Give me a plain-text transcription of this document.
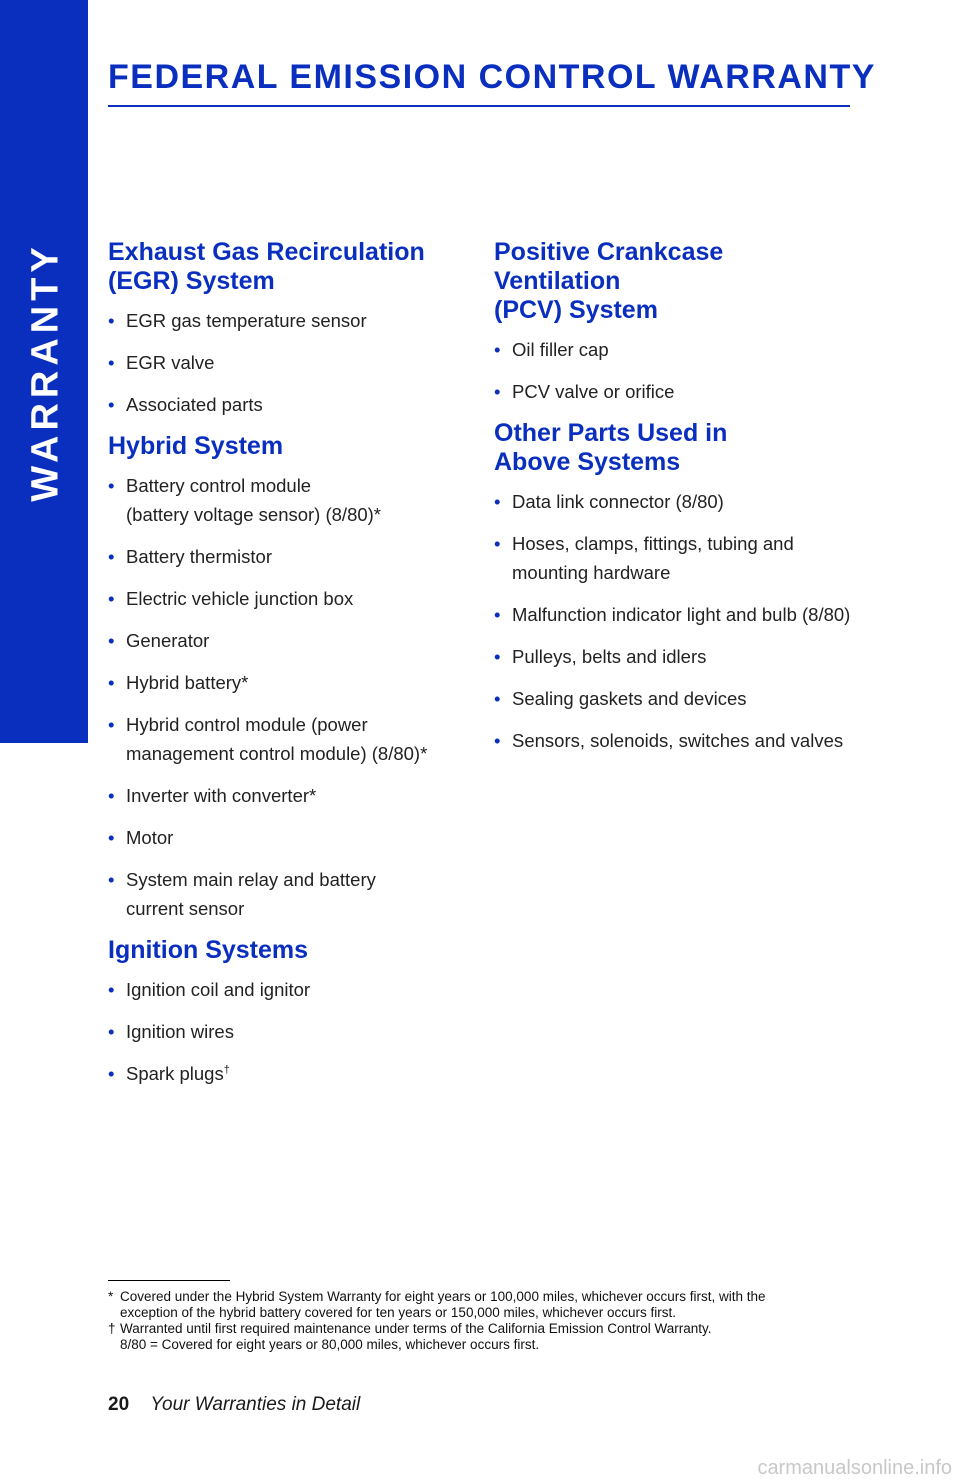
WARRANTY
FEDERAL EMISSION CONTROL WARRANTY
Exhaust Gas Recirculation
(EGR) System
• EGR gas temperature sensor
• EGR valve
• Associated parts
Hybrid System
• Battery control module
(battery voltage sensor) (8/80)*
• Battery thermistor
• Electric vehicle junction box
• Generator
• Hybrid battery*
• Hybrid control module (power
management control module) (8/80)*
• Inverter with converter*
• Motor
• System main relay and battery
current sensor
Ignition Systems
• Ignition coil and ignitor
• Ignition wires
• Spark plugs†
Positive Crankcase Ventilation
(PCV) System
• Oil filler cap
• PCV valve or orifice
Other Parts Used in
Above Systems
• Data link connector (8/80)
• Hoses, clamps, fittings, tubing and
mounting hardware
• Malfunction indicator light and bulb (8/80)
• Pulleys, belts and idlers
• Sealing gaskets and devices
• Sensors, solenoids, switches and valves
* Covered under the Hybrid System Warranty for eight years or 100,000 miles, whichever occurs first, with the
exception of the hybrid battery covered for ten years or 150,000 miles, whichever occurs first.
† Warranted until first required maintenance under terms of the California Emission Control Warranty.
8/80 = Covered for eight years or 80,000 miles, whichever occurs first.
20 Your Warranties in Detail
carmanualsonline.info
